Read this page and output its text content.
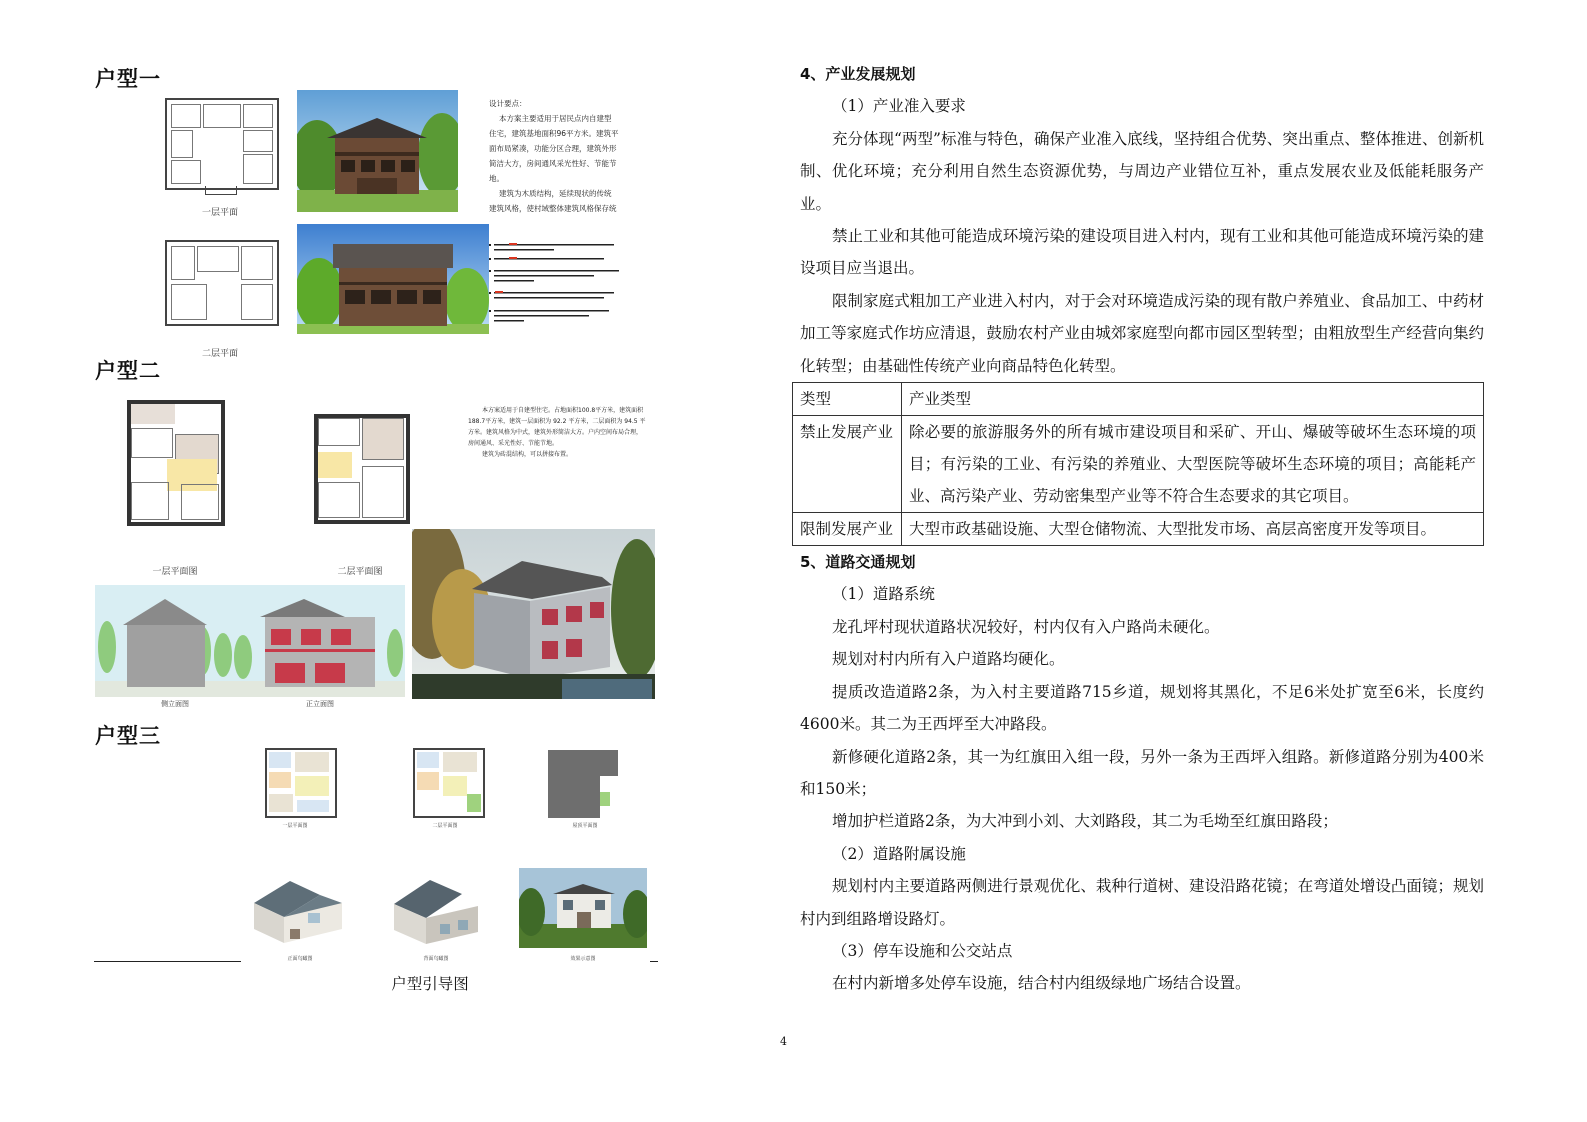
户型一
一层平面
设计要点：
本方案主要适用于居民点内自建型
住宅，建筑基地面积96平方米。建筑平
面布局紧凑，功能分区合理，建筑外形
简洁大方，房间通风采光性好、节能节
地。
建筑为木质结构，延续现状的传统
建筑风格，使村域整体建筑风格保存统
二层平面
户型二
一层平面图	二层平面图
本方案适用于自建型住宅。占地面积100.8平方米，建筑面积
188.7平方米，建筑一层面积为 92.2 平方米，二层面积为 94.5 平
方米。建筑风格为中式，建筑外形简洁大方。户内空间布局合理，
房间通风、采光性好、节能节地。
建筑为砖混结构，可以拼接布置。
侧立面图	正立面图
户型三
一层平面图	二层平面图	屋顶平面图
正面鸟瞰图	背面鸟瞰图	效果示意图
户型引导图

4、产业发展规划

（1）产业准入要求

充分体现“两型”标准与特色，确保产业准入底线，坚持组合优势、突出重点、整体推进、创新机制、优化环境；充分利用自然生态资源优势，与周边产业错位互补，重点发展农业及低能耗服务产业。

禁止工业和其他可能造成环境污染的建设项目进入村内，现有工业和其他可能造成环境污染的建设项目应当退出。

限制家庭式粗加工产业进入村内，对于会对环境造成污染的现有散户养殖业、食品加工、中药材加工等家庭式作坊应清退，鼓励农村产业由城郊家庭型向都市园区型转型；由粗放型生产经营向集约化转型；由基础性传统产业向商品特色化转型。

类型	产业类型
禁止发展产业	除必要的旅游服务外的所有城市建设项目和采矿、开山、爆破等破坏生态环境的项目；有污染的工业、有污染的养殖业、大型医院等破坏生态环境的项目；高能耗产业、高污染产业、劳动密集型产业等不符合生态要求的其它项目。
限制发展产业	大型市政基础设施、大型仓储物流、大型批发市场、高层高密度开发等项目。

5、道路交通规划

（1）道路系统

龙孔坪村现状道路状况较好，村内仅有入户路尚未硬化。

规划对村内所有入户道路均硬化。

提质改造道路2条，为入村主要道路715乡道，规划将其黑化，不足6米处扩宽至6米，长度约4600米。其二为王西坪至大冲路段。

新修硬化道路2条，其一为红旗田入组一段，另外一条为王西坪入组路。新修道路分别为400米和150米；

增加护栏道路2条，为大冲到小刘、大刘路段，其二为毛坳至红旗田路段；

（2）道路附属设施

规划村内主要道路两侧进行景观优化、栽种行道树、建设沿路花镜；在弯道处增设凸面镜；规划村内到组路增设路灯。

（3）停车设施和公交站点

在村内新增多处停车设施，结合村内组级绿地广场结合设置。

4
